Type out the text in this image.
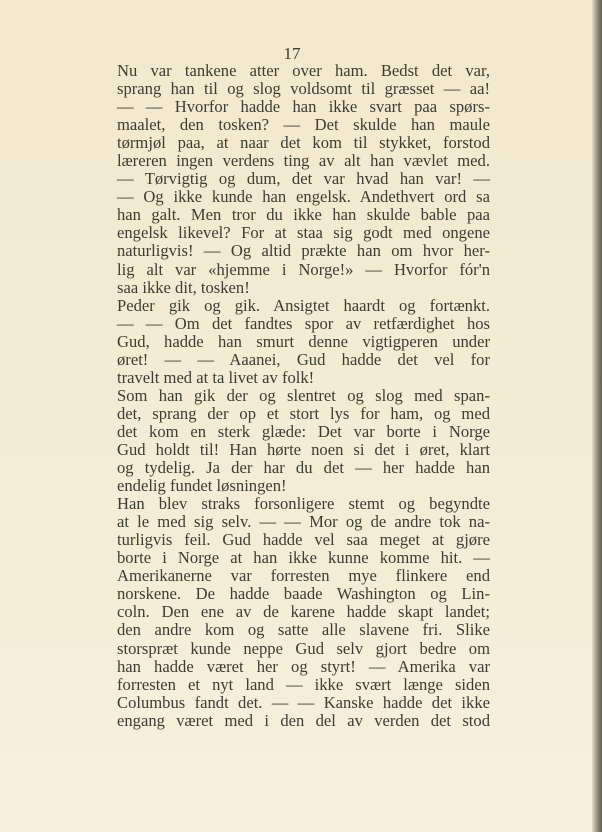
17
Nu var tankene atter over ham. Bedst det var,
sprang han til og slog voldsomt til græsset — aa!
— — Hvorfor hadde han ikke svart paa spørs-
maalet, den tosken? — Det skulde han maule
tørmjøl paa, at naar det kom til stykket, forstod
læreren ingen verdens ting av alt han vævlet med.
— Tørvigtig og dum, det var hvad han var! —
— Og ikke kunde han engelsk. Andethvert ord sa
han galt. Men tror du ikke han skulde bable paa
engelsk likevel? For at staa sig godt med ongene
naturligvis! — Og altid prækte han om hvor her-
lig alt var «hjemme i Norge!» — Hvorfor fór'n
saa ikke dit, tosken!
Peder gik og gik. Ansigtet haardt og fortænkt.
— — Om det fandtes spor av retfærdighet hos
Gud, hadde han smurt denne vigtigperen under
øret! — — Aaanei, Gud hadde det vel for
travelt med at ta livet av folk!
Som han gik der og slentret og slog med span-
det, sprang der op et stort lys for ham, og med
det kom en sterk glæde: Det var borte i Norge
Gud holdt til! Han hørte noen si det i øret, klart
og tydelig. Ja der har du det — her hadde han
endelig fundet løsningen!
Han blev straks forsonligere stemt og begyndte
at le med sig selv. — — Mor og de andre tok na-
turligvis feil. Gud hadde vel saa meget at gjøre
borte i Norge at han ikke kunne komme hit. —
Amerikanerne var forresten mye flinkere end
norskene. De hadde baade Washington og Lin-
coln. Den ene av de karene hadde skapt landet;
den andre kom og satte alle slavene fri. Slike
storspræt kunde neppe Gud selv gjort bedre om
han hadde været her og styrt! — Amerika var
forresten et nyt land — ikke svært længe siden
Columbus fandt det. — — Kanske hadde det ikke
engang været med i den del av verden det stod
